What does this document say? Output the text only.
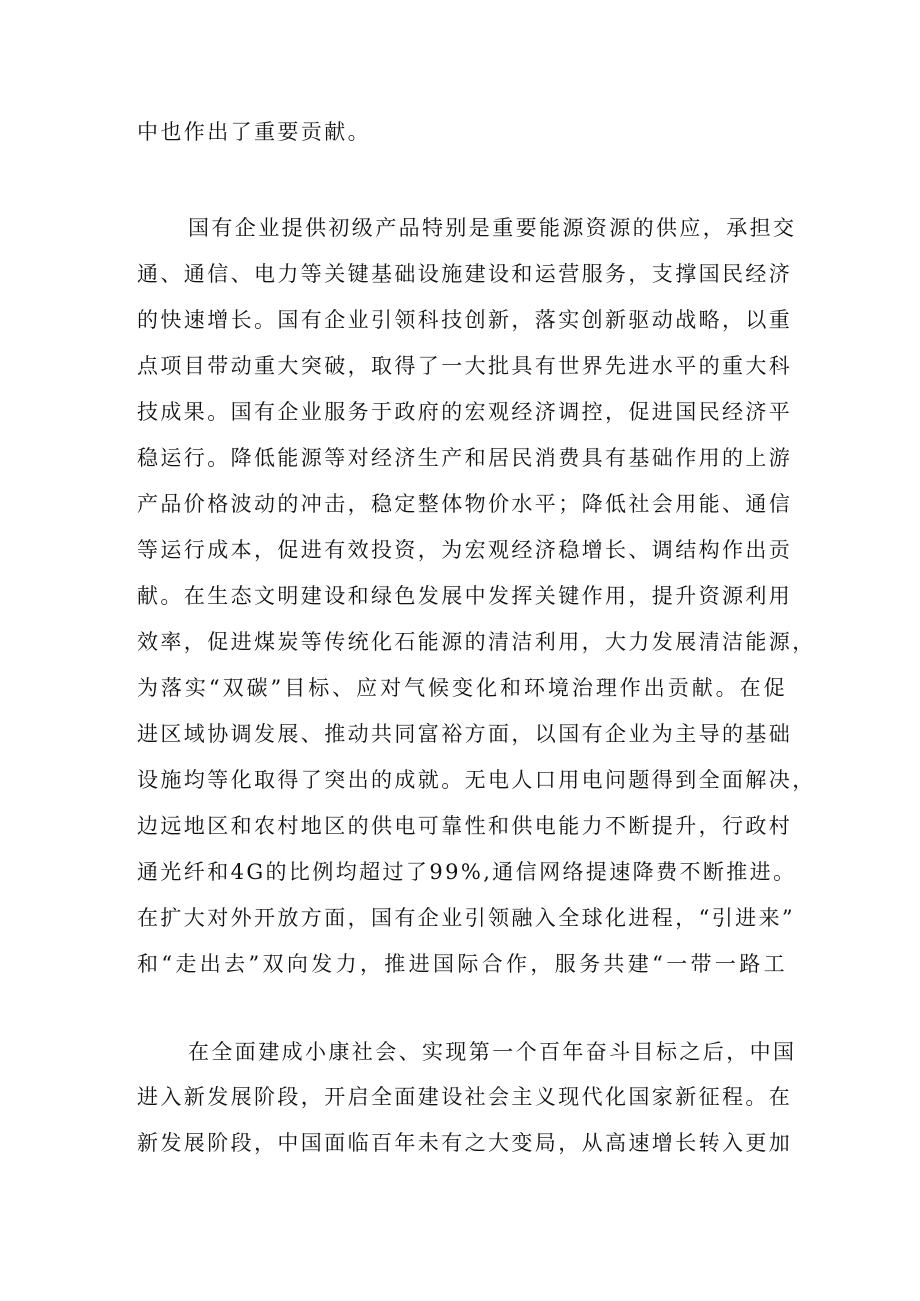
中也作出了重要贡献。
国有企业提供初级产品特别是重要能源资源的供应，承担交
通、通信、电力等关键基础设施建设和运营服务，支撑国民经济
的快速增长。国有企业引领科技创新，落实创新驱动战略，以重
点项目带动重大突破，取得了一大批具有世界先进水平的重大科
技成果。国有企业服务于政府的宏观经济调控，促进国民经济平
稳运行。降低能源等对经济生产和居民消费具有基础作用的上游
产品价格波动的冲击，稳定整体物价水平；降低社会用能、通信
等运行成本，促进有效投资，为宏观经济稳增长、调结构作出贡
献。在生态文明建设和绿色发展中发挥关键作用，提升资源利用
效率，促进煤炭等传统化石能源的清洁利用，大力发展清洁能源，
为落实“双碳”目标、应对气候变化和环境治理作出贡献。在促
进区域协调发展、推动共同富裕方面，以国有企业为主导的基础
设施均等化取得了突出的成就。无电人口用电问题得到全面解决，
边远地区和农村地区的供电可靠性和供电能力不断提升，行政村
通光纤和4G的比例均超过了99%,通信网络提速降费不断推进。
在扩大对外开放方面，国有企业引领融入全球化进程，“引进来”
和“走出去”双向发力，推进国际合作，服务共建“一带一路工
在全面建成小康社会、实现第一个百年奋斗目标之后，中国
进入新发展阶段，开启全面建设社会主义现代化国家新征程。在
新发展阶段，中国面临百年未有之大变局，从高速增长转入更加
